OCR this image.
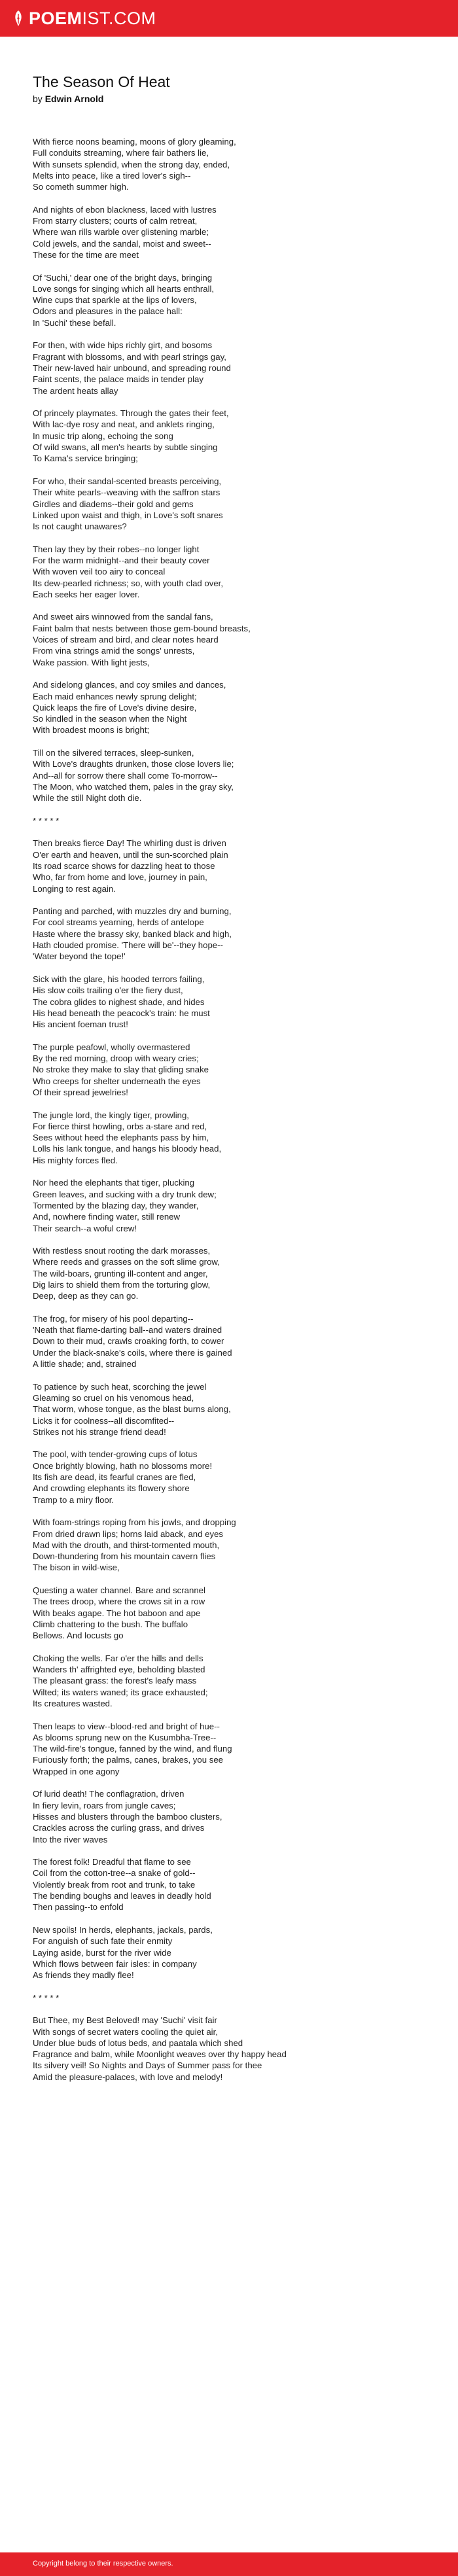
POEMIST.COM
The Season Of Heat
by Edwin Arnold

With fierce noons beaming, moons of glory gleaming,
Full conduits streaming, where fair bathers lie,
With sunsets splendid, when the strong day, ended,
Melts into peace, like a tired lover's sigh--
So cometh summer high.

And nights of ebon blackness, laced with lustres
From starry clusters; courts of calm retreat,
Where wan rills warble over glistening marble;
Cold jewels, and the sandal, moist and sweet--
These for the time are meet

Of 'Suchi,' dear one of the bright days, bringing
Love songs for singing which all hearts enthrall,
Wine cups that sparkle at the lips of lovers,
Odors and pleasures in the palace hall:
In 'Suchi' these befall.

For then, with wide hips richly girt, and bosoms
Fragrant with blossoms, and with pearl strings gay,
Their new-laved hair unbound, and spreading round
Faint scents, the palace maids in tender play
The ardent heats allay

Of princely playmates. Through the gates their feet,
With lac-dye rosy and neat, and anklets ringing,
In music trip along, echoing the song
Of wild swans, all men's hearts by subtle singing
To Kama's service bringing;

For who, their sandal-scented breasts perceiving,
Their white pearls--weaving with the saffron stars
Girdles and diadems--their gold and gems
Linked upon waist and thigh, in Love's soft snares
Is not caught unawares?

Then lay they by their robes--no longer light
For the warm midnight--and their beauty cover
With woven veil too airy to conceal
Its dew-pearled richness; so, with youth clad over,
Each seeks her eager lover.

And sweet airs winnowed from the sandal fans,
Faint balm that nests between those gem-bound breasts,
Voices of stream and bird, and clear notes heard
From vina strings amid the songs' unrests,
Wake passion. With light jests,

And sidelong glances, and coy smiles and dances,
Each maid enhances newly sprung delight;
Quick leaps the fire of Love's divine desire,
So kindled in the season when the Night
With broadest moons is bright;

Till on the silvered terraces, sleep-sunken,
With Love's draughts drunken, those close lovers lie;
And--all for sorrow there shall come To-morrow--
The Moon, who watched them, pales in the gray sky,
While the still Night doth die.

* * * * *

Then breaks fierce Day! The whirling dust is driven
O'er earth and heaven, until the sun-scorched plain
Its road scarce shows for dazzling heat to those
Who, far from home and love, journey in pain,
Longing to rest again.

Panting and parched, with muzzles dry and burning,
For cool streams yearning, herds of antelope
Haste where the brassy sky, banked black and high,
Hath clouded promise. 'There will be'--they hope--
'Water beyond the tope!'

Sick with the glare, his hooded terrors failing,
His slow coils trailing o'er the fiery dust,
The cobra glides to nighest shade, and hides
His head beneath the peacock's train: he must
His ancient foeman trust!

The purple peafowl, wholly overmastered
By the red morning, droop with weary cries;
No stroke they make to slay that gliding snake
Who creeps for shelter underneath the eyes
Of their spread jewelries!

The jungle lord, the kingly tiger, prowling,
For fierce thirst howling, orbs a-stare and red,
Sees without heed the elephants pass by him,
Lolls his lank tongue, and hangs his bloody head,
His mighty forces fled.

Nor heed the elephants that tiger, plucking
Green leaves, and sucking with a dry trunk dew;
Tormented by the blazing day, they wander,
And, nowhere finding water, still renew
Their search--a woful crew!

With restless snout rooting the dark morasses,
Where reeds and grasses on the soft slime grow,
The wild-boars, grunting ill-content and anger,
Dig lairs to shield them from the torturing glow,
Deep, deep as they can go.

The frog, for misery of his pool departing--
'Neath that flame-darting ball--and waters drained
Down to their mud, crawls croaking forth, to cower
Under the black-snake's coils, where there is gained
A little shade; and, strained

To patience by such heat, scorching the jewel
Gleaming so cruel on his venomous head,
That worm, whose tongue, as the blast burns along,
Licks it for coolness--all discomfited--
Strikes not his strange friend dead!

The pool, with tender-growing cups of lotus
Once brightly blowing, hath no blossoms more!
Its fish are dead, its fearful cranes are fled,
And crowding elephants its flowery shore
Tramp to a miry floor.

With foam-strings roping from his jowls, and dropping
From dried drawn lips; horns laid aback, and eyes
Mad with the drouth, and thirst-tormented mouth,
Down-thundering from his mountain cavern flies
The bison in wild-wise,

Questing a water channel. Bare and scrannel
The trees droop, where the crows sit in a row
With beaks agape. The hot baboon and ape
Climb chattering to the bush. The buffalo
Bellows. And locusts go

Choking the wells. Far o'er the hills and dells
Wanders th' affrighted eye, beholding blasted
The pleasant grass: the forest's leafy mass
Wilted; its waters waned; its grace exhausted;
Its creatures wasted.

Then leaps to view--blood-red and bright of hue--
As blooms sprung new on the Kusumbha-Tree--
The wild-fire's tongue, fanned by the wind, and flung
Furiously forth; the palms, canes, brakes, you see
Wrapped in one agony

Of lurid death! The conflagration, driven
In fiery levin, roars from jungle caves;
Hisses and blusters through the bamboo clusters,
Crackles across the curling grass, and drives
Into the river waves

The forest folk! Dreadful that flame to see
Coil from the cotton-tree--a snake of gold--
Violently break from root and trunk, to take
The bending boughs and leaves in deadly hold
Then passing--to enfold

New spoils! In herds, elephants, jackals, pards,
For anguish of such fate their enmity
Laying aside, burst for the river wide
Which flows between fair isles: in company
As friends they madly flee!

* * * * *

But Thee, my Best Beloved! may 'Suchi' visit fair
With songs of secret waters cooling the quiet air,
Under blue buds of lotus beds, and paatala which shed
Fragrance and balm, while Moonlight weaves over thy happy head
Its silvery veil! So Nights and Days of Summer pass for thee
Amid the pleasure-palaces, with love and melody!

Copyright belong to their respective owners.
